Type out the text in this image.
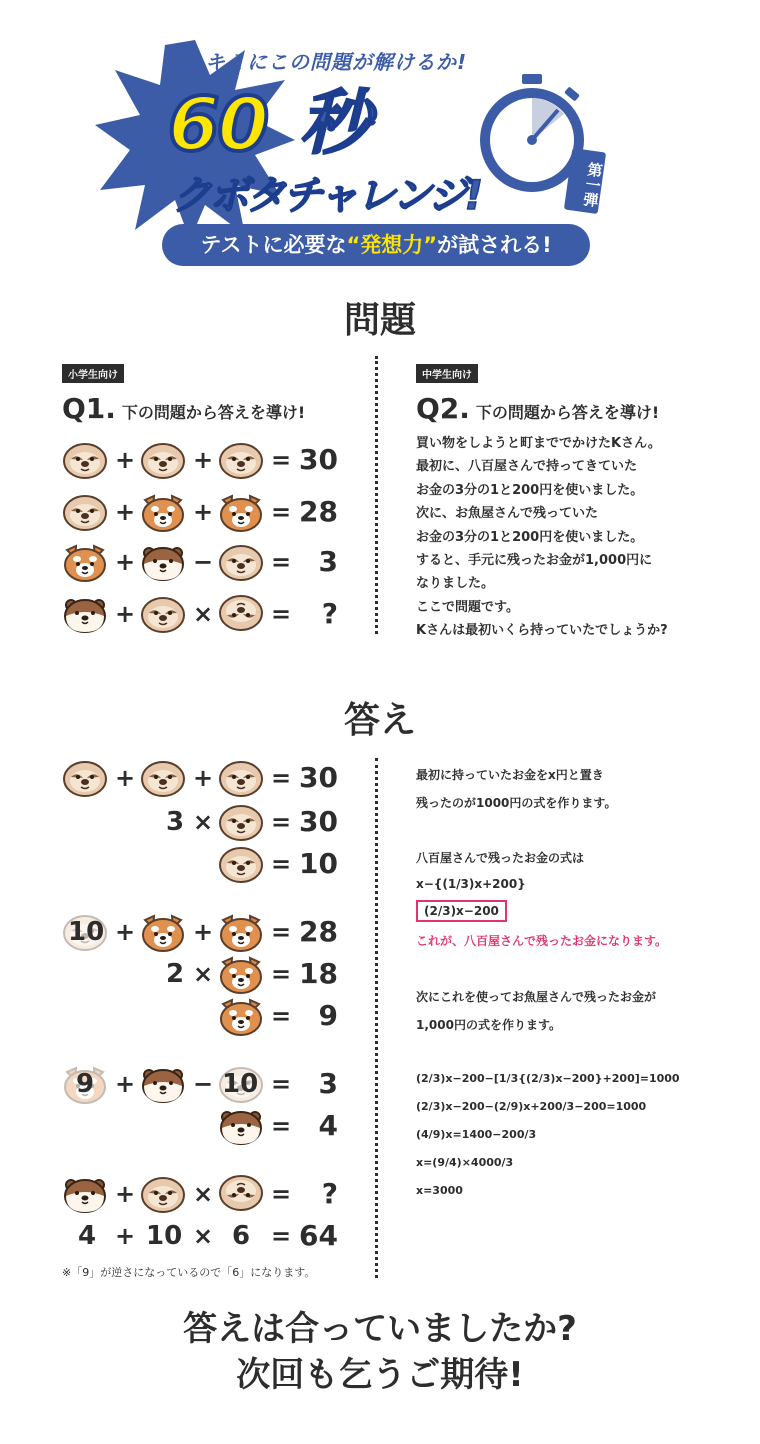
キミにこの問題が解けるか!
60 秒
クボタチャレンジ!	第一弾
テストに必要な“発想力”が試される!
問題
小学生向け
Q1. 下の問題から答えを導け!
+ + = 30
+ + = 28
+ − = 3
+ × =	?
中学生向け
Q2. 下の問題から答えを導け!
買い物をしようと町まででかけたKさん。
最初に、八百屋さんで持ってきていた
お金の3分の1と200円を使いました。
次に、お魚屋さんで残っていた
お金の3分の1と200円を使いました。
すると、手元に残ったお金が1,000円に
なりました。
ここで問題です。
Kさんは最初いくら持っていたでしょうか?
答え
+ + = 30
3 × = 30
= 10
10 + + = 28
2 × = 18
= 9
9 + − 10 = 3
= 4
+ × =	?
4 + 10 × 6 = 64
※「9」が逆さになっているので「6」になります。
最初に持っていたお金をx円と置き
残ったのが1000円の式を作ります。
八百屋さんで残ったお金の式は
x−{(1/3)x+200}
(2/3)x−200
これが、八百屋さんで残ったお金になります。
次にこれを使ってお魚屋さんで残ったお金が
1,000円の式を作ります。
(2/3)x−200−[1/3{(2/3)x−200}+200]=1000
(2/3)x−200−(2/9)x+200/3−200=1000
(4/9)x=1400−200/3
x=(9/4)×4000/3
x=3000
答えは合っていましたか?
次回も乞うご期待!
